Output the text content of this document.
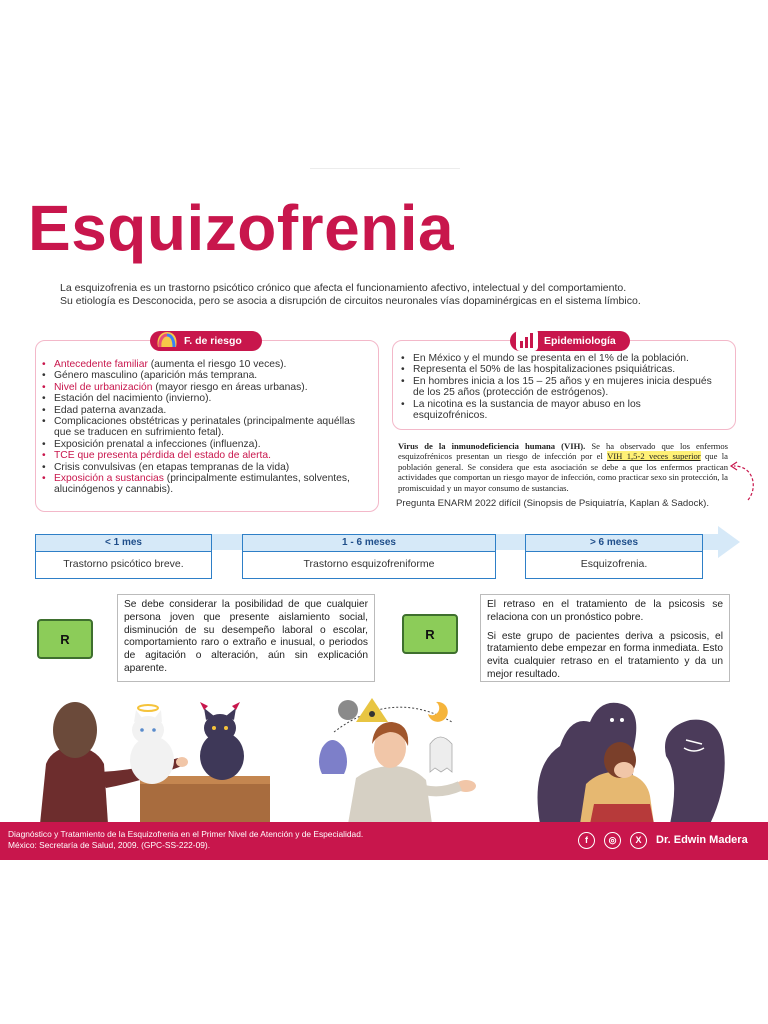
Esquizofrenia
La esquizofrenia es un trastorno psicótico crónico que afecta el funcionamiento afectivo, intelectual y del comportamiento.
Su etiología es Desconocida, pero se asocia a disrupción de circuitos neuronales vías dopaminérgicas en el sistema límbico.
• Antecedente familiar (aumenta el riesgo 10 veces).
• Género masculino (aparición más temprana.
• Nivel de urbanización (mayor riesgo en áreas urbanas).
• Estación del nacimiento (invierno).
• Edad paterna avanzada.
• Complicaciones obstétricas y perinatales (principalmente aquéllas que se traducen en sufrimiento fetal).
• Exposición prenatal a infecciones (influenza).
• TCE que presenta pérdida del estado de alerta.
• Crisis convulsivas (en etapas tempranas de la vida)
• Exposición a sustancias (principalmente estimulantes, solventes, alucinógenos y cannabis).
F. de riesgo
• En México y el mundo se presenta en el 1% de la población.
• Representa el 50% de las hospitalizaciones psiquiátricas.
• En hombres inicia a los 15 – 25 años y en mujeres inicia después de los 25 años (protección de estrógenos).
• La nicotina es la sustancia de mayor abuso en los esquizofrénicos.
Epidemiología
Virus de la inmunodeficiencia humana (VIH). Se ha observado que los enfermos esquizofrénicos presentan un riesgo de infección por el VIH 1,5-2 veces superior que la población general. Se considera que esta asociación se debe a que los enfermos practican actividades que comportan un riesgo mayor de infección, como practicar sexo sin protección, la promiscuidad y un mayor consumo de sustancias.
Pregunta ENARM 2022 difícil (Sinopsis de Psiquiatría, Kaplan & Sadock).
< 1 mes
Trastorno psicótico breve.
1 - 6 meses
Trastorno esquizofreniforme
> 6 meses
Esquizofrenia.
R

Se debe considerar la posibilidad de que cualquier persona joven que presente aislamiento social, disminución de su desempeño laboral o escolar, comportamiento raro o extraño e inusual, o periodos de agitación o alteración, aún sin explicación aparente.

R

El retraso en el tratamiento de la psicosis se relaciona con un pronóstico pobre.

Si este grupo de pacientes deriva a psicosis, el tratamiento debe empezar en forma inmediata. Esto evita cualquier retraso en el tratamiento y da un mejor resultado.

Diagnóstico y Tratamiento de la Esquizofrenia en el Primer Nivel de Atención y de Especialidad.
México: Secretaría de Salud, 2009. (GPC-SS-222-09).	f	◎	X	Dr. Edwin Madera
